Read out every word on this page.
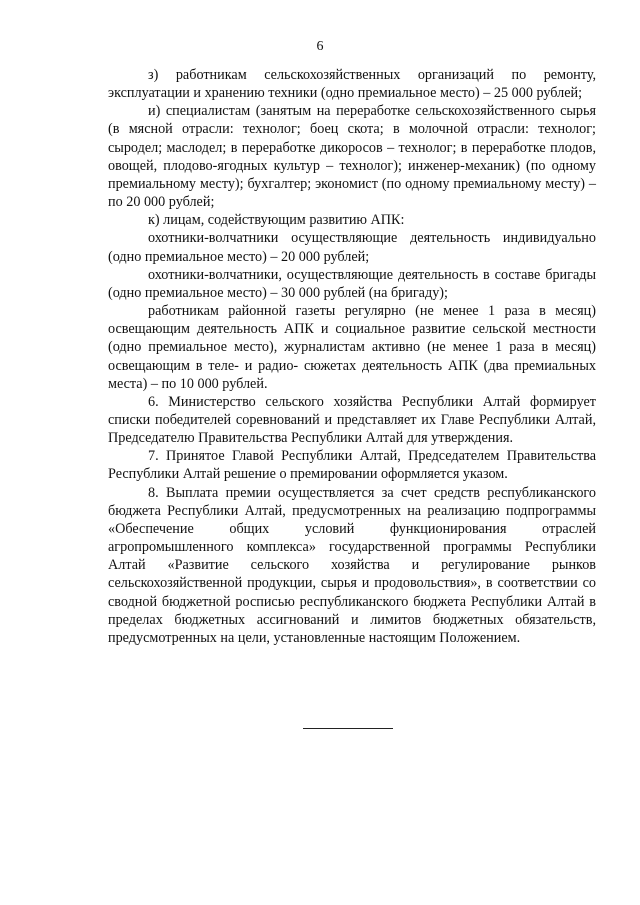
6

з) работникам сельскохозяйственных организаций по ремонту, эксплуатации и хранению техники (одно премиальное место) – 25 000 рублей;

и) специалистам (занятым на переработке сельскохозяйственного сырья (в мясной отрасли: технолог; боец скота; в молочной отрасли: технолог; сыродел; маслодел; в переработке дикоросов – технолог; в переработке плодов, овощей, плодово-ягодных культур – технолог); инженер-механик) (по одному премиальному месту); бухгалтер; экономист (по одному премиальному месту) – по 20 000 рублей;

к) лицам, содействующим развитию АПК:

охотники-волчатники осуществляющие деятельность индивидуально (одно премиальное место) – 20 000 рублей;

охотники-волчатники, осуществляющие деятельность в составе бригады (одно премиальное место) – 30 000 рублей (на бригаду);

работникам районной газеты регулярно (не менее 1 раза в месяц) освещающим деятельность АПК и социальное развитие сельской местности (одно премиальное место), журналистам активно (не менее 1 раза в месяц) освещающим в теле- и радио- сюжетах деятельность АПК (два премиальных места) – по 10 000 рублей.

6. Министерство сельского хозяйства Республики Алтай формирует списки победителей соревнований и представляет их Главе Республики Алтай, Председателю Правительства Республики Алтай для утверждения.

7. Принятое Главой Республики Алтай, Председателем Правительства Республики Алтай решение о премировании оформляется указом.

8. Выплата премии осуществляется за счет средств республиканского бюджета Республики Алтай, предусмотренных на реализацию подпрограммы «Обеспечение общих условий функционирования отраслей агропромышленного комплекса» государственной программы Республики Алтай «Развитие сельского хозяйства и регулирование рынков сельскохозяйственной продукции, сырья и продовольствия», в соответствии со сводной бюджетной росписью республиканского бюджета Республики Алтай в пределах бюджетных ассигнований и лимитов бюджетных обязательств, предусмотренных на цели, установленные настоящим Положением.
